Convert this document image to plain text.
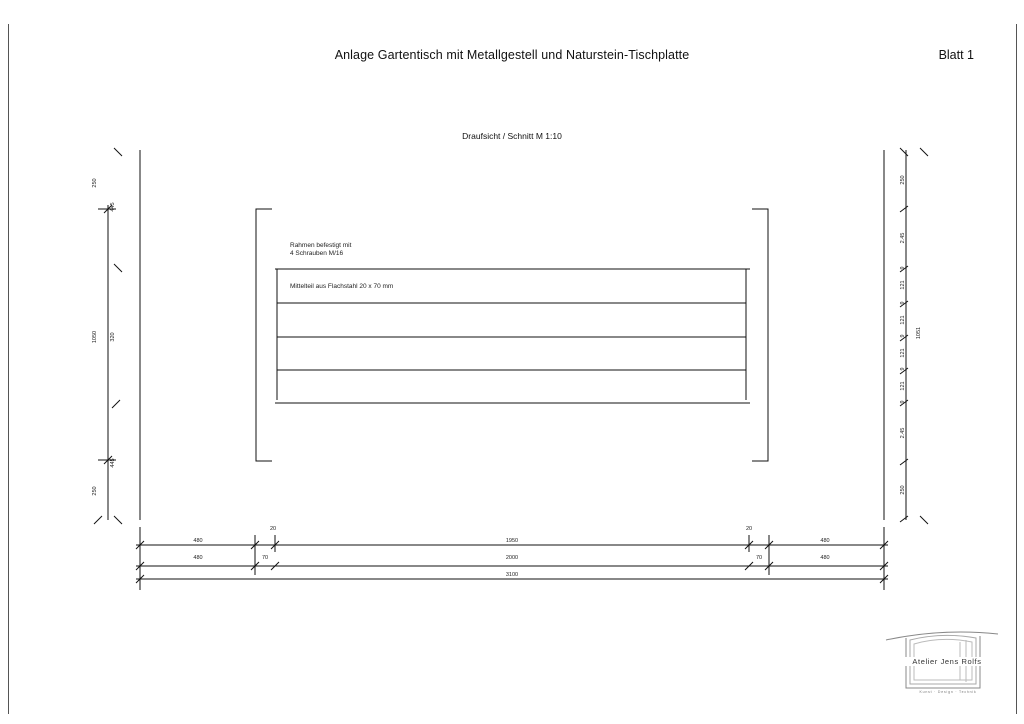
Anlage Gartentisch mit Metallgestell und Naturstein-Tischplatte	Blatt 1
Draufsicht / Schnitt M 1:10
Rahmen befestigt mit
4 Schrauben M/16
Mittelteil aus Flachstahl 20 x 70 mm
250
445
1050 320
445
250
250
2.45
9
121
9
121
9
121
9
121
9
2.45
250
1051
480
20
1950
20
480
480	70	2000	70	480
3100
Atelier Jens Rolfs
Kunst · Design · Technik
